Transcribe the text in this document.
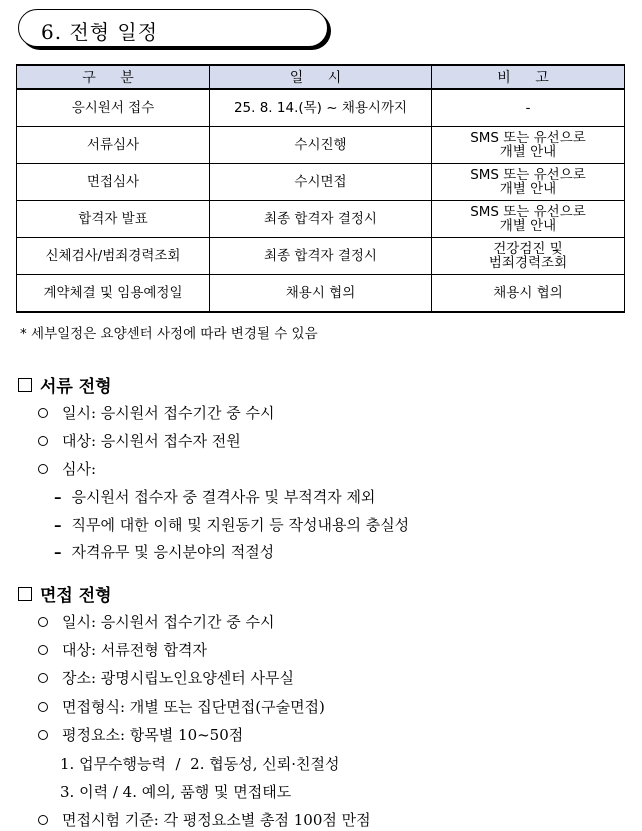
6. 전형 일정
구 분	일 시	비 고
응시원서 접수	25. 8. 14.(목) ~ 채용시까지	-

서류심사	수시진행	SMS 또는 유선으로
개별 안내

면접심사	수시면접	SMS 또는 유선으로
개별 안내

합격자 발표	최종 합격자 결정시	SMS 또는 유선으로
개별 안내

신체검사/범죄경력조회	최종 합격자 결정시	건강검진 및
범죄경력조회

계약체결 및 임용예정일	채용시 협의	채용시 협의
* 세부일정은 요양센터 사정에 따라 변경될 수 있음
서류 전형
일시: 응시원서 접수기간 중 수시
대상: 응시원서 접수자 전원
심사:
– 응시원서 접수자 중 결격사유 및 부적격자 제외
– 직무에 대한 이해 및 지원동기 등 작성내용의 충실성
– 자격유무 및 응시분야의 적절성
면접 전형
일시: 응시원서 접수기간 중 수시
대상: 서류전형 합격자
장소: 광명시립노인요양센터 사무실
면접형식: 개별 또는 집단면접(구술면접)
평정요소: 항목별 10~50점
1. 업무수행능력  /  2. 협동성, 신뢰·친절성
3. 이력 / 4. 예의, 품행 및 면접태도
면접시험 기준: 각 평정요소별 총점 100점 만점
